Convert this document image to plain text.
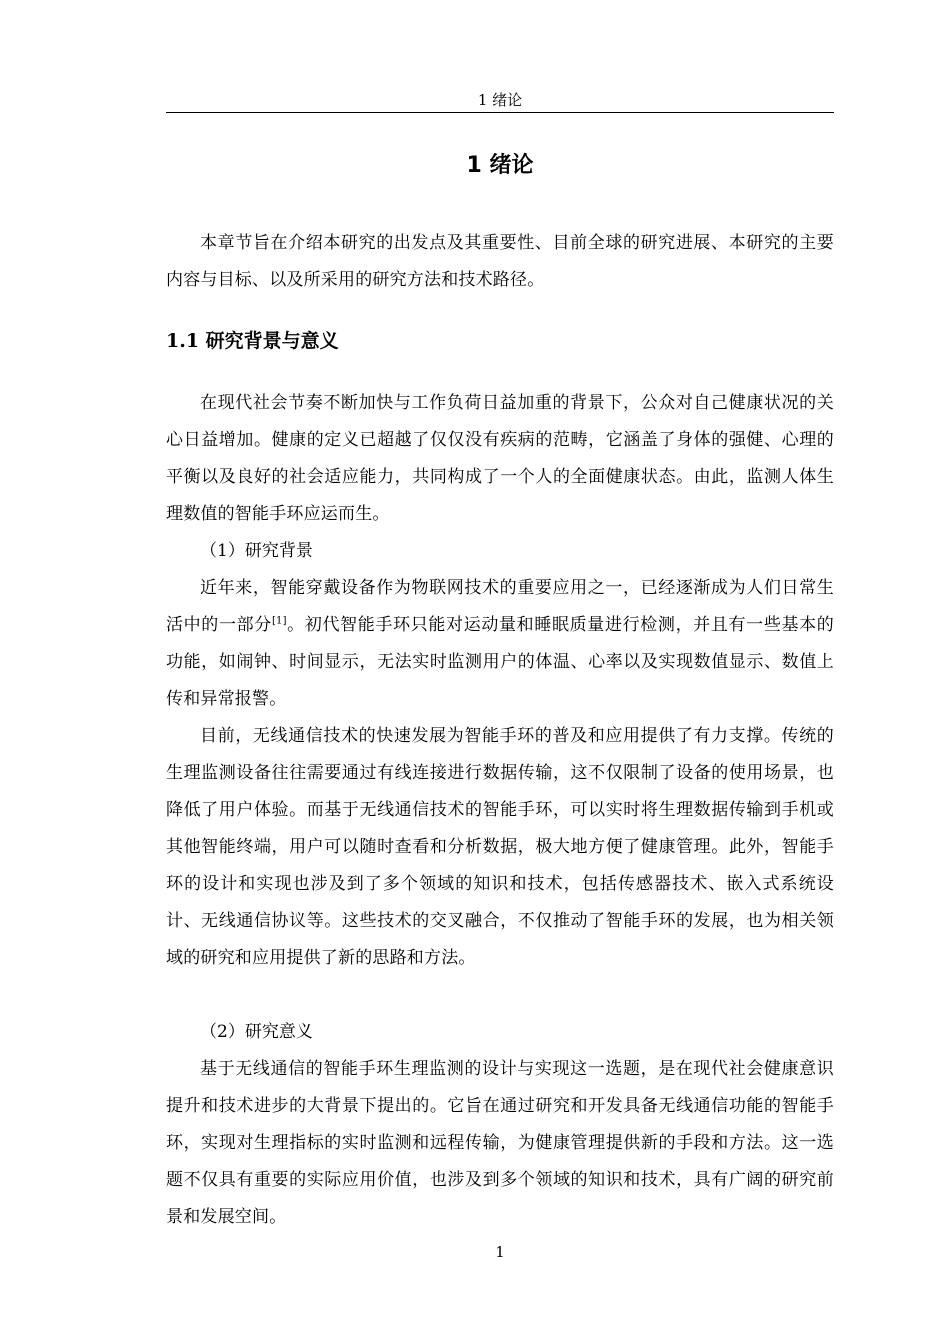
1 绪论
1 绪论

本章节旨在介绍本研究的出发点及其重要性、目前全球的研究进展、本研究的主要内容与目标、以及所采用的研究方法和技术路径。

1.1 研究背景与意义

在现代社会节奏不断加快与工作负荷日益加重的背景下，公众对自己健康状况的关心日益增加。健康的定义已超越了仅仅没有疾病的范畴，它涵盖了身体的强健、心理的平衡以及良好的社会适应能力，共同构成了一个人的全面健康状态。由此，监测人体生理数值的智能手环应运而生。

（1）研究背景

近年来，智能穿戴设备作为物联网技术的重要应用之一，已经逐渐成为人们日常生活中的一部分[1]。初代智能手环只能对运动量和睡眠质量进行检测，并且有一些基本的功能，如闹钟、时间显示，无法实时监测用户的体温、心率以及实现数值显示、数值上传和异常报警。

目前，无线通信技术的快速发展为智能手环的普及和应用提供了有力支撑。传统的生理监测设备往往需要通过有线连接进行数据传输，这不仅限制了设备的使用场景，也降低了用户体验。而基于无线通信技术的智能手环，可以实时将生理数据传输到手机或其他智能终端，用户可以随时查看和分析数据，极大地方便了健康管理。此外，智能手环的设计和实现也涉及到了多个领域的知识和技术，包括传感器技术、嵌入式系统设计、无线通信协议等。这些技术的交叉融合，不仅推动了智能手环的发展，也为相关领域的研究和应用提供了新的思路和方法。

（2）研究意义

基于无线通信的智能手环生理监测的设计与实现这一选题，是在现代社会健康意识提升和技术进步的大背景下提出的。它旨在通过研究和开发具备无线通信功能的智能手环，实现对生理指标的实时监测和远程传输，为健康管理提供新的手段和方法。这一选题不仅具有重要的实际应用价值，也涉及到多个领域的知识和技术，具有广阔的研究前景和发展空间。

1
